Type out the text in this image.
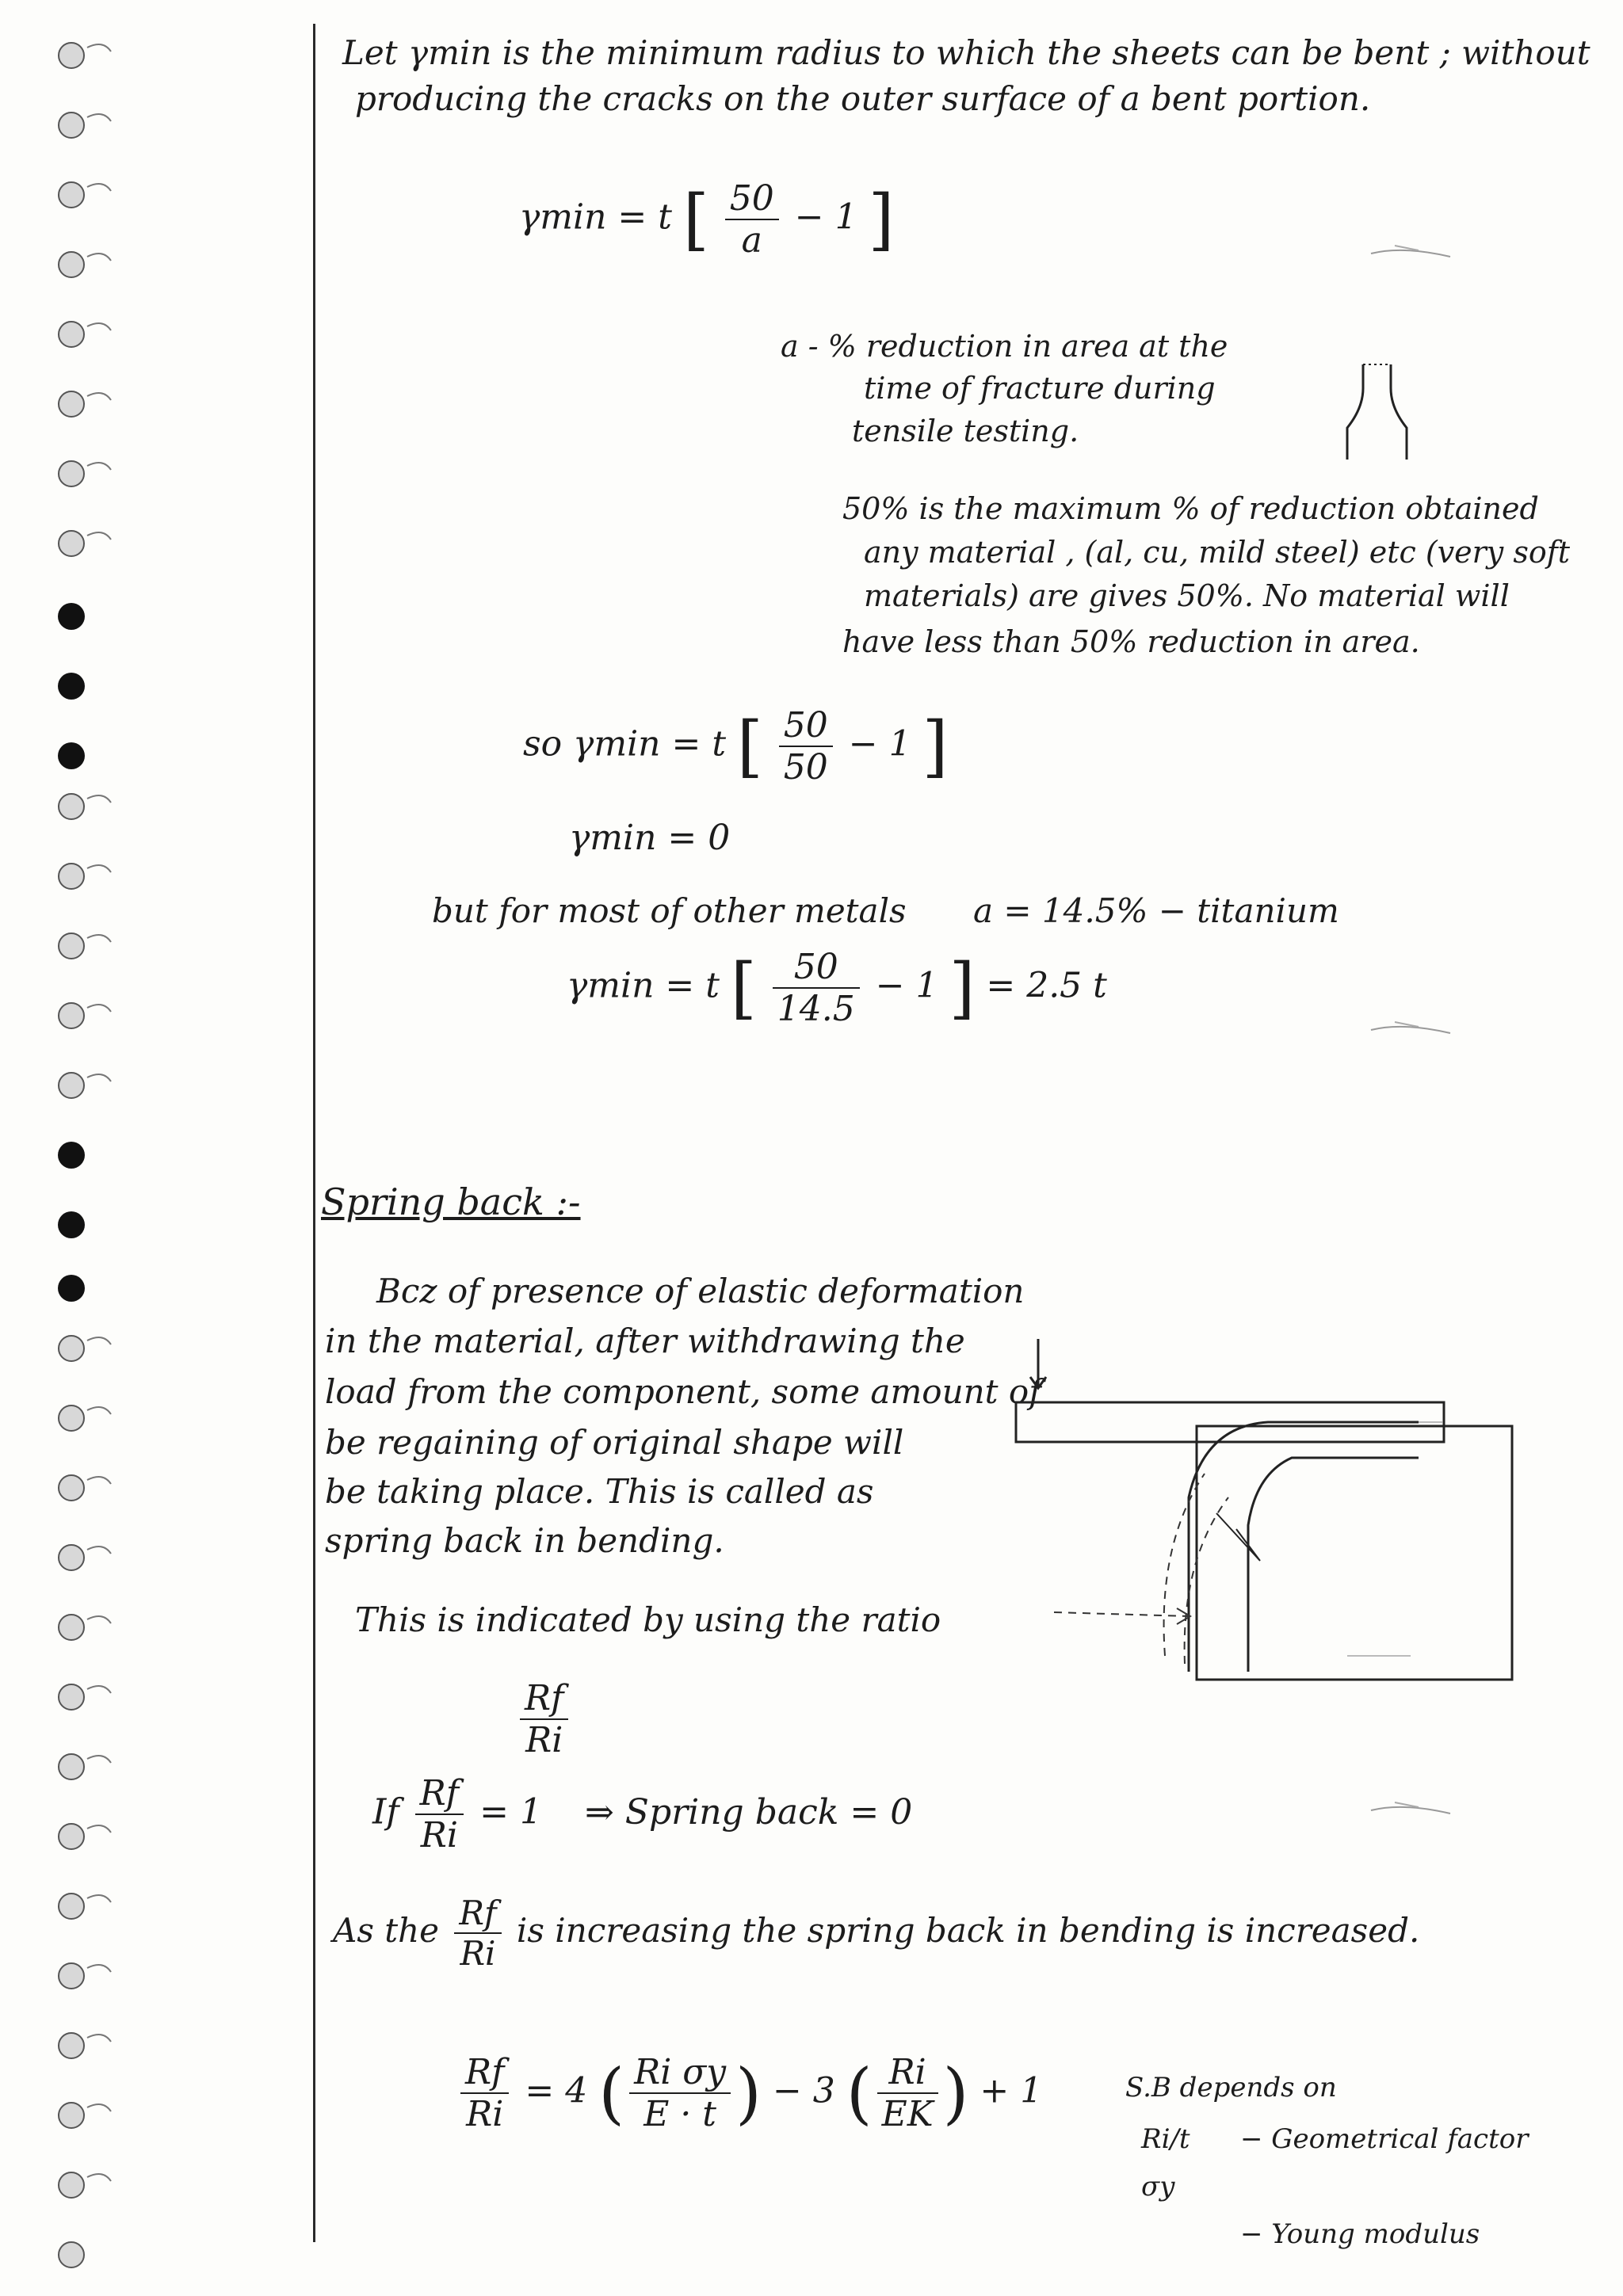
Let γmin is the minimum radius to which the sheets can be bent ; without
producing the cracks on the outer surface of a bent portion.
γmin = t [ $\frac{50}{a} - 1$ ]
a - % reduction in area at the
time of fracture during
tensile testing.
50% is the maximum % of reduction obtained
any material , (al, cu, mild steel) etc (very soft
materials) are gives 50%. No material will
have less than 50% reduction in area.
so γmin = t [ $\frac{50}{50} - 1$ ]
γmin = 0
but for most of other metals a = 14.5% − titanium
γmin = t [ $\frac{50}{14.5} - 1$ ] = 2.5 t
Spring back :-
Bcz of presence of elastic deformation
in the material, after withdrawing the
load from the component, some amount of
be regaining of original shape will
be taking place. This is called as
spring back in bending.
This is indicated by using the ratio
$\frac{Rf}{Ri}$
If $\frac{Rf}{Ri} = 1$ ⇒ Spring back = 0
As the $\frac{Rf}{Ri}$ is increasing the spring back in bending is increased.
$\frac{Rf}{Ri} = 4$ ( $\frac{\text{Ri σy}}{E \cdot t}$ ) − 3 ( $\frac{Ri}{EK}$ ) + 1	S.B depends on
Ri/t − Geometrical factor
σy
− Young modulus
